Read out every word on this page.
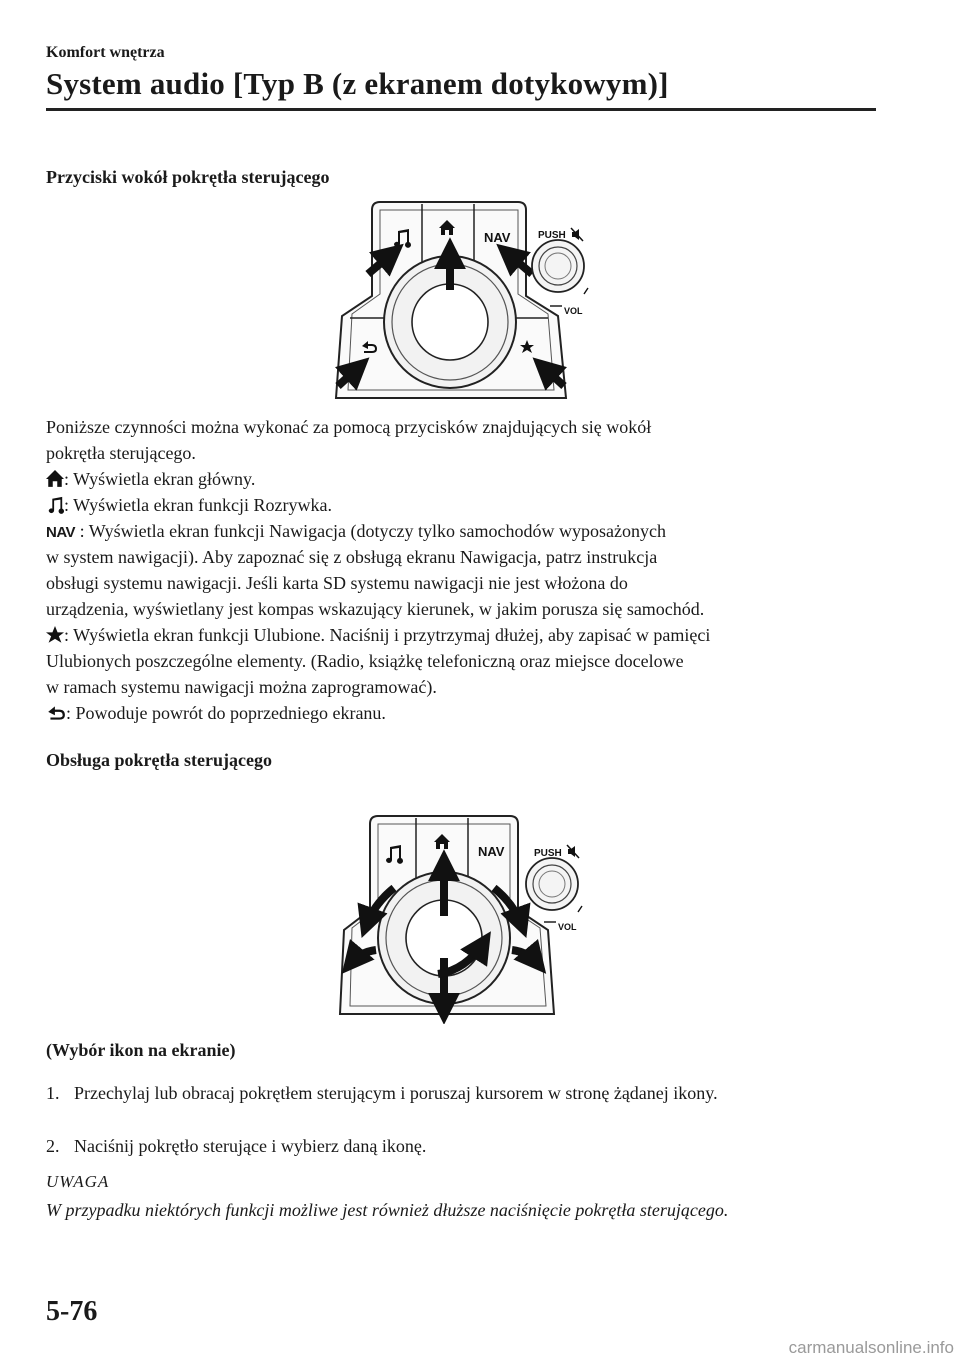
Komfort wnętrza
System audio [Typ B (z ekranem dotykowym)]
Przyciski wokół pokrętła sterującego
NAV	PUSH
VOL
Poniższe czynności można wykonać za pomocą przycisków znajdujących się wokół
pokrętła sterującego.
: Wyświetla ekran główny.
: Wyświetla ekran funkcji Rozrywka.
NAV : Wyświetla ekran funkcji Nawigacja (dotyczy tylko samochodów wyposażonych
w system nawigacji). Aby zapoznać się z obsługą ekranu Nawigacja, patrz instrukcja
obsługi systemu nawigacji. Jeśli karta SD systemu nawigacji nie jest włożona do
urządzenia, wyświetlany jest kompas wskazujący kierunek, w jakim porusza się samochód.
: Wyświetla ekran funkcji Ulubione. Naciśnij i przytrzymaj dłużej, aby zapisać w pamięci
Ulubionych poszczególne elementy. (Radio, książkę telefoniczną oraz miejsce docelowe
w ramach systemu nawigacji można zaprogramować).
: Powoduje powrót do poprzedniego ekranu.
Obsługa pokrętła sterującego
NAV	PUSH
VOL
(Wybór ikon na ekranie)
1. Przechylaj lub obracaj pokrętłem sterującym i poruszaj kursorem w stronę żądanej ikony.
2. Naciśnij pokrętło sterujące i wybierz daną ikonę.
UWAGA

W przypadku niektórych funkcji możliwe jest również dłuższe naciśnięcie pokrętła sterującego.

5-76
carmanualsonline.info
